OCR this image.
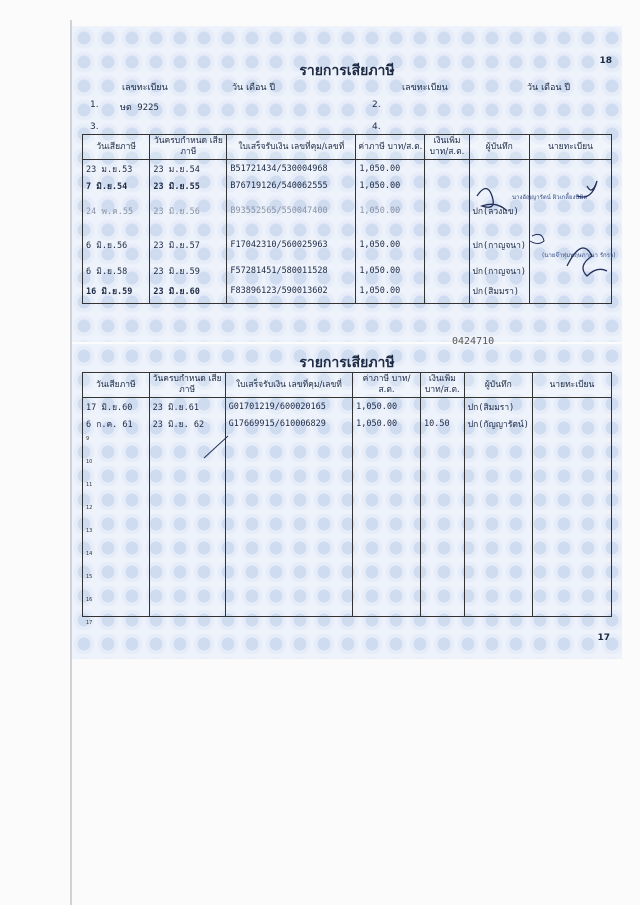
18
รายการเสียภาษี
เลขทะเบียน	วัน เดือน ปี	เลขทะเบียน	วัน เดือน ปี
1. ษต 9225	2.
3.	4.
วันเสียภาษี	วันครบกำหนด เสียภาษี	ใบเสร็จรับเงิน เลขที่คุม/เลขที่	ค่าภาษี บาท/ส.ต.	เงินเพิ่ม บาท/ส.ต.	ผู้บันทึก	นายทะเบียน
23 ม.ย.53	23 ม.ย.54	B51721434/530004968	1,050.00			
7 มิ.ย.54	23 มิ.ย.55	B76719126/540062555	1,050.00			
24 พ.ค.55	23 มิ.ย.56	B93552565/550047400	1,050.00		ปก(ลวงแข)	
6 มิ.ย.56	23 มิ.ย.57	F17042310/560025963	1,050.00		ปก(กาญจนา)	
6 มิ.ย.58	23 มิ.ย.59	F57281451/580011528	1,050.00		ปก(กาญจนา)	
16 มิ.ย.59	23 มิ.ย.60	F83896123/590013602	1,050.00		ปก(สิมมรา)	
นางอัญญารัตน์ ผิวเกลี้ยงนิมิต
(นายจ๊าทุ่มพฤษภาณา รักรา)
0424710
รายการเสียภาษี
17
วันเสียภาษี	วันครบกำหนด เสียภาษี	ใบเสร็จรับเงิน เลขที่คุม/เลขที่	ค่าภาษี บาท/ส.ต.	เงินเพิ่ม บาท/ส.ต.	ผู้บันทึก	นายทะเบียน
17 มิ.ย.60	23 มิ.ย.61	G01701219/600020165	1,050.00		ปก(สิมมรา)	
6 ก.ค. 61	23 มิ.ย. 62	G17669915/610006829	1,050.00	10.50	ปก(กัญญารัตน์)	

9
10
11
12
13
14
15
16
17
